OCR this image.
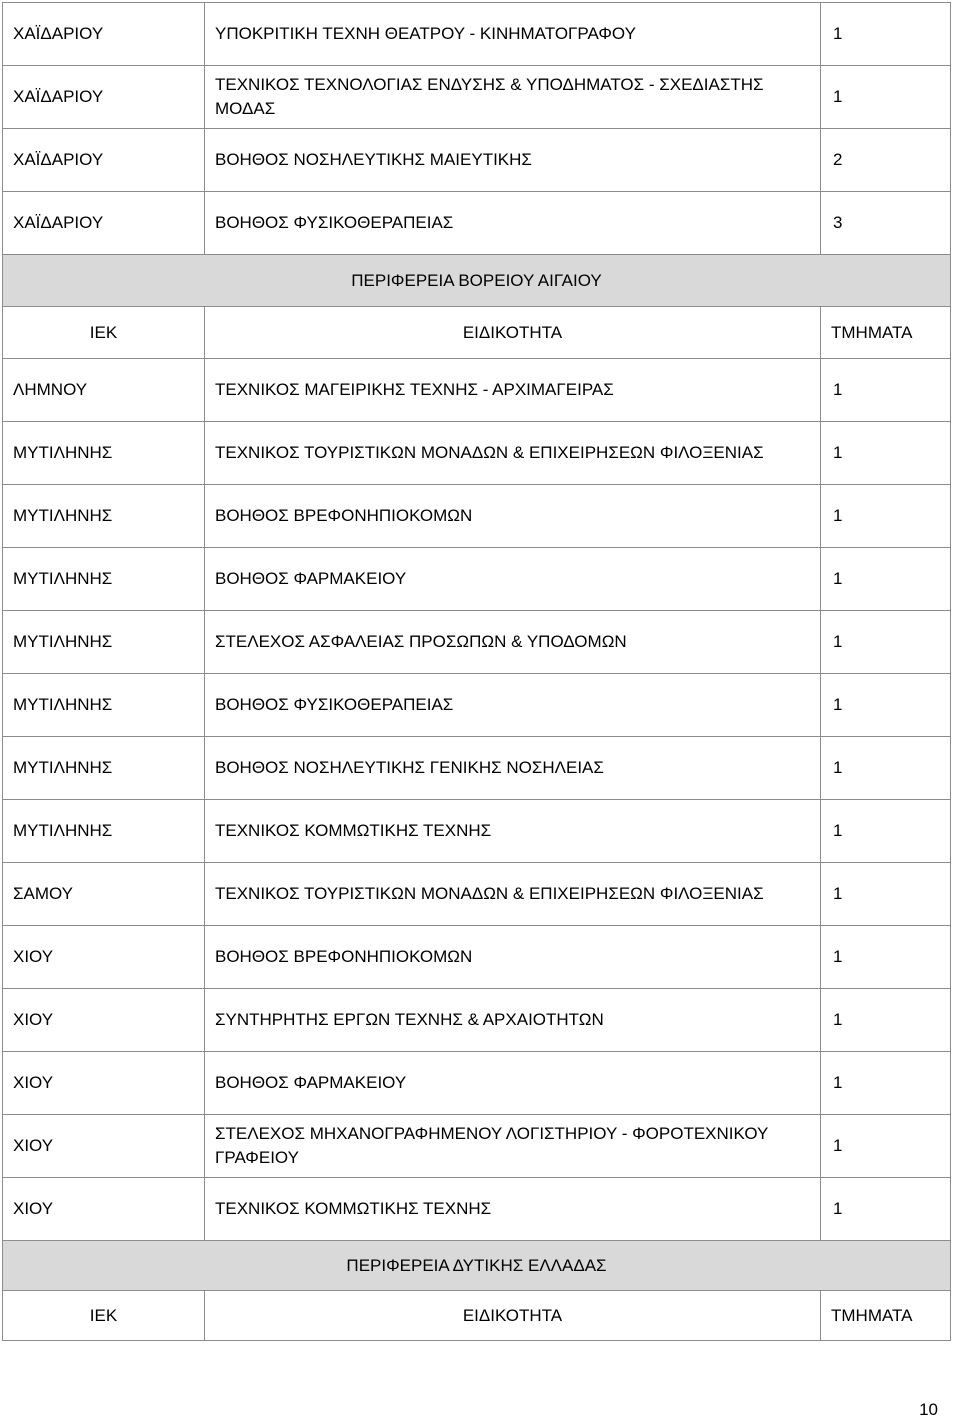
ΧΑΪΔΑΡΙΟΥ	ΥΠΟΚΡΙΤΙΚΗ ΤΕΧΝΗ ΘΕΑΤΡΟΥ - ΚΙΝΗΜΑΤΟΓΡΑΦΟΥ	1
ΧΑΪΔΑΡΙΟΥ	ΤΕΧΝΙΚΟΣ ΤΕΧΝΟΛΟΓΙΑΣ ΕΝΔΥΣΗΣ & ΥΠΟΔΗΜΑΤΟΣ - ΣΧΕΔΙΑΣΤΗΣ ΜΟΔΑΣ	1
ΧΑΪΔΑΡΙΟΥ	ΒΟΗΘΟΣ ΝΟΣΗΛΕΥΤΙΚΗΣ ΜΑΙΕΥΤΙΚΗΣ	2
ΧΑΪΔΑΡΙΟΥ	ΒΟΗΘΟΣ ΦΥΣΙΚΟΘΕΡΑΠΕΙΑΣ	3
ΠΕΡΙΦΕΡΕΙΑ ΒΟΡΕΙΟΥ ΑΙΓΑΙΟΥ		
ΙΕΚ	ΕΙΔΙΚΟΤΗΤΑ	ΤΜΗΜΑΤΑ
ΛΗΜΝΟΥ	ΤΕΧΝΙΚΟΣ ΜΑΓΕΙΡΙΚΗΣ ΤΕΧΝΗΣ - ΑΡΧΙΜΑΓΕΙΡΑΣ	1
ΜΥΤΙΛΗΝΗΣ	ΤΕΧΝΙΚΟΣ ΤΟΥΡΙΣΤΙΚΩΝ ΜΟΝΑΔΩΝ & ΕΠΙΧΕΙΡΗΣΕΩΝ ΦΙΛΟΞΕΝΙΑΣ	1
ΜΥΤΙΛΗΝΗΣ	ΒΟΗΘΟΣ ΒΡΕΦΟΝΗΠΙΟΚΟΜΩΝ	1
ΜΥΤΙΛΗΝΗΣ	ΒΟΗΘΟΣ ΦΑΡΜΑΚΕΙΟΥ	1
ΜΥΤΙΛΗΝΗΣ	ΣΤΕΛΕΧΟΣ ΑΣΦΑΛΕΙΑΣ ΠΡΟΣΩΠΩΝ & ΥΠΟΔΟΜΩΝ	1
ΜΥΤΙΛΗΝΗΣ	ΒΟΗΘΟΣ ΦΥΣΙΚΟΘΕΡΑΠΕΙΑΣ	1
ΜΥΤΙΛΗΝΗΣ	ΒΟΗΘΟΣ ΝΟΣΗΛΕΥΤΙΚΗΣ ΓΕΝΙΚΗΣ ΝΟΣΗΛΕΙΑΣ	1
ΜΥΤΙΛΗΝΗΣ	ΤΕΧΝΙΚΟΣ ΚΟΜΜΩΤΙΚΗΣ ΤΕΧΝΗΣ	1
ΣΑΜΟΥ	ΤΕΧΝΙΚΟΣ ΤΟΥΡΙΣΤΙΚΩΝ ΜΟΝΑΔΩΝ & ΕΠΙΧΕΙΡΗΣΕΩΝ ΦΙΛΟΞΕΝΙΑΣ	1
ΧΙΟΥ	ΒΟΗΘΟΣ ΒΡΕΦΟΝΗΠΙΟΚΟΜΩΝ	1
ΧΙΟΥ	ΣΥΝΤΗΡΗΤΗΣ ΕΡΓΩΝ ΤΕΧΝΗΣ & ΑΡΧΑΙΟΤΗΤΩΝ	1
ΧΙΟΥ	ΒΟΗΘΟΣ ΦΑΡΜΑΚΕΙΟΥ	1
ΧΙΟΥ	ΣΤΕΛΕΧΟΣ ΜΗΧΑΝΟΓΡΑΦΗΜΕΝΟΥ ΛΟΓΙΣΤΗΡΙΟΥ - ΦΟΡΟΤΕΧΝΙΚΟΥ ΓΡΑΦΕΙΟΥ	1
ΧΙΟΥ	ΤΕΧΝΙΚΟΣ ΚΟΜΜΩΤΙΚΗΣ ΤΕΧΝΗΣ	1
ΠΕΡΙΦΕΡΕΙΑ ΔΥΤΙΚΗΣ ΕΛΛΑΔΑΣ		
ΙΕΚ	ΕΙΔΙΚΟΤΗΤΑ	ΤΜΗΜΑΤΑ
10
